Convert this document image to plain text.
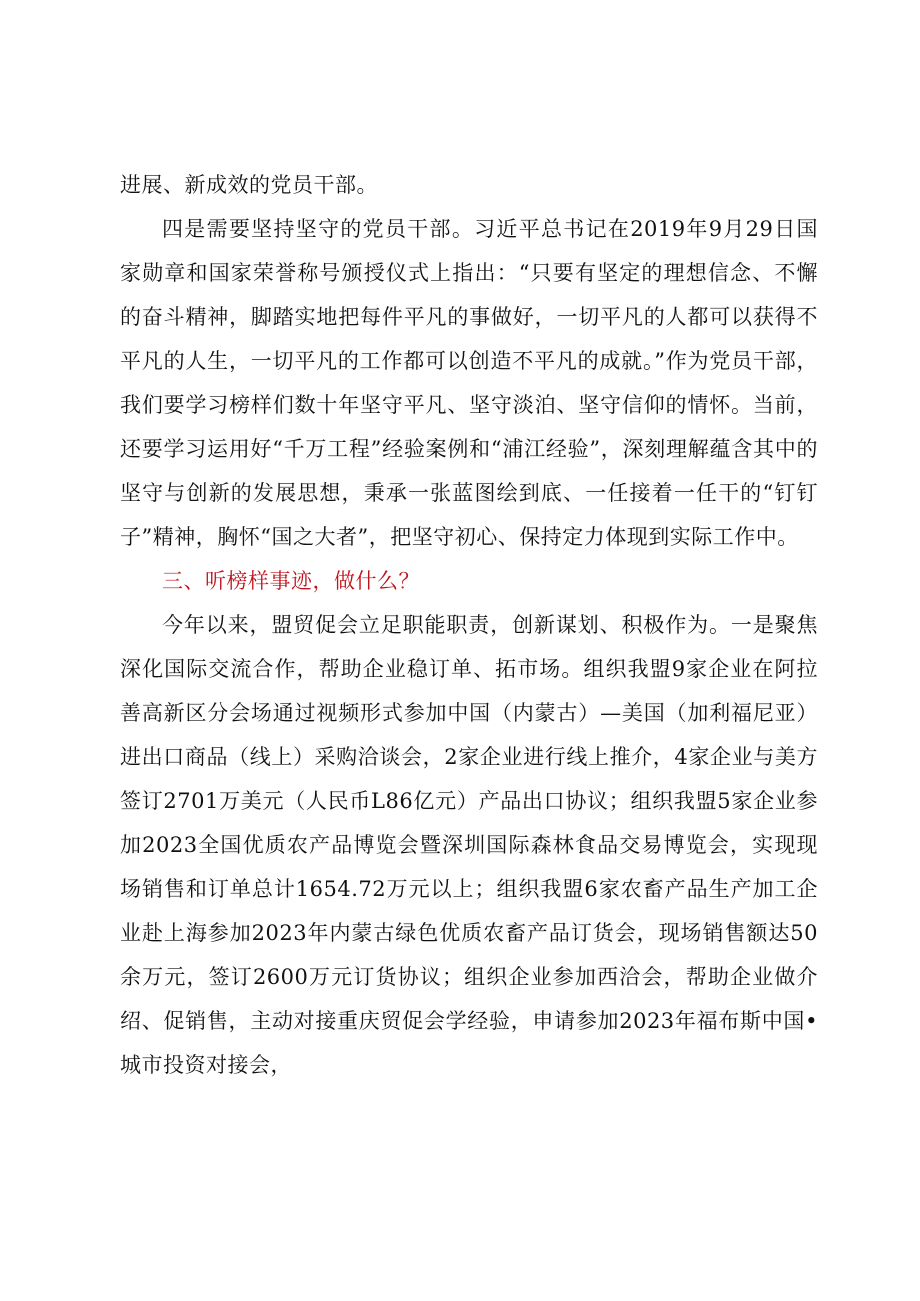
进展、新成效的党员干部。

四是需要坚持坚守的党员干部。习近平总书记在2019年9月29日国家勋章和国家荣誉称号颁授仪式上指出：“只要有坚定的理想信念、不懈的奋斗精神，脚踏实地把每件平凡的事做好，一切平凡的人都可以获得不平凡的人生，一切平凡的工作都可以创造不平凡的成就。”作为党员干部，我们要学习榜样们数十年坚守平凡、坚守淡泊、坚守信仰的情怀。当前，还要学习运用好“千万工程”经验案例和“浦江经验”，深刻理解蕴含其中的坚守与创新的发展思想，秉承一张蓝图绘到底、一任接着一任干的“钉钉子”精神，胸怀“国之大者”，把坚守初心、保持定力体现到实际工作中。

三、听榜样事迹，做什么？

今年以来，盟贸促会立足职能职责，创新谋划、积极作为。一是聚焦深化国际交流合作，帮助企业稳订单、拓市场。组织我盟9家企业在阿拉善高新区分会场通过视频形式参加中国（内蒙古）—美国（加利福尼亚）进出口商品（线上）采购洽谈会，2家企业进行线上推介，4家企业与美方签订2701万美元（人民币L86亿元）产品出口协议；组织我盟5家企业参加2023全国优质农产品博览会暨深圳国际森林食品交易博览会，实现现场销售和订单总计1654.72万元以上；组织我盟6家农畜产品生产加工企业赴上海参加2023年内蒙古绿色优质农畜产品订货会，现场销售额达50余万元，签订2600万元订货协议；组织企业参加西洽会，帮助企业做介绍、促销售，主动对接重庆贸促会学经验，申请参加2023年福布斯中国•城市投资对接会，
